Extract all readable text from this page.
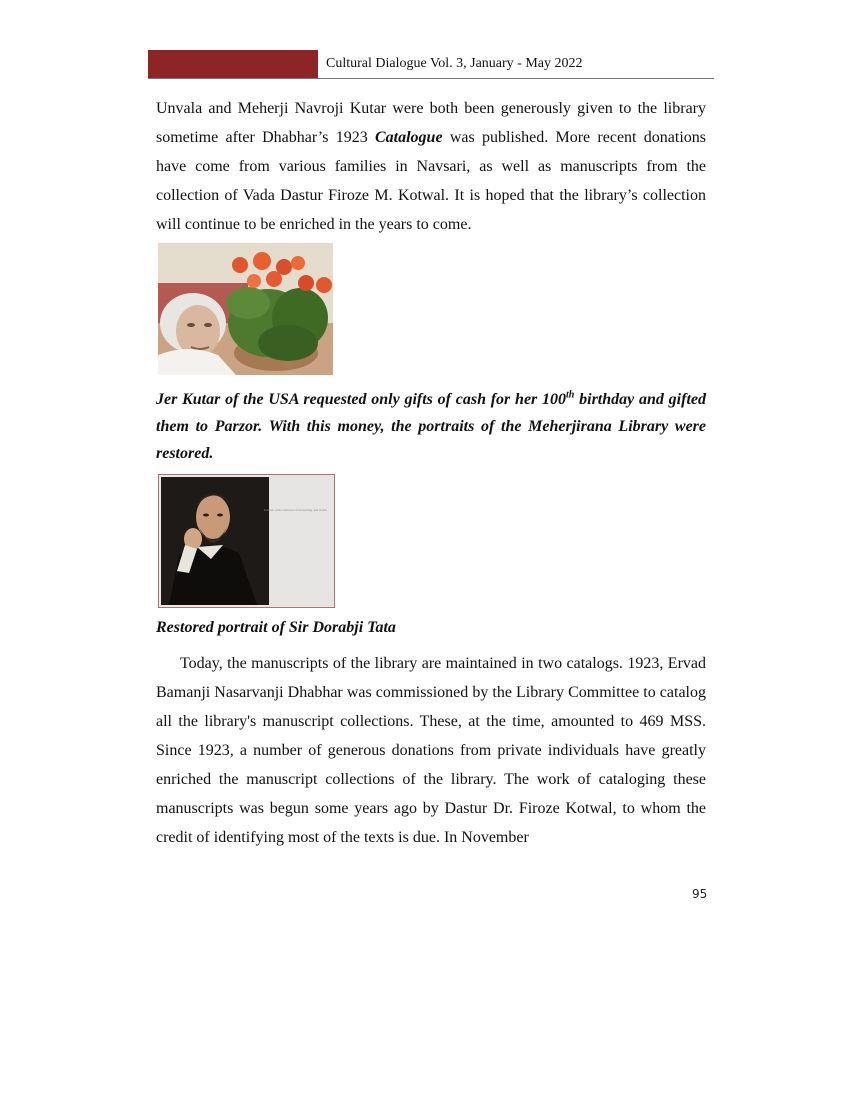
Cultural Dialogue Vol. 3, January - May 2022

Unvala and Meherji Navroji Kutar were both been generously given to the library sometime after Dhabhar’s 1923 Catalogue was published. More recent donations have come from various families in Navsari, as well as manuscripts from the collection of Vada Dastur Firoze M. Kotwal. It is hoped that the library’s collection will continue to be enriched in the years to come.

Jer Kutar of the USA requested only gifts of cash for her 100th birthday and gifted them to Parzor. With this money, the portraits of the Meherjirana Library were restored.

Portrait after removal of blanching and stains

Restored portrait of Sir Dorabji Tata

Today, the manuscripts of the library are maintained in two catalogs. 1923, Ervad Bamanji Nasarvanji Dhabhar was commissioned by the Library Committee to catalog all the library's manuscript collections. These, at the time, amounted to 469 MSS. Since 1923, a number of generous donations from private individuals have greatly enriched the manuscript collections of the library. The work of cataloging these manuscripts was begun some years ago by Dastur Dr. Firoze Kotwal, to whom the credit of identifying most of the texts is due. In November

95
